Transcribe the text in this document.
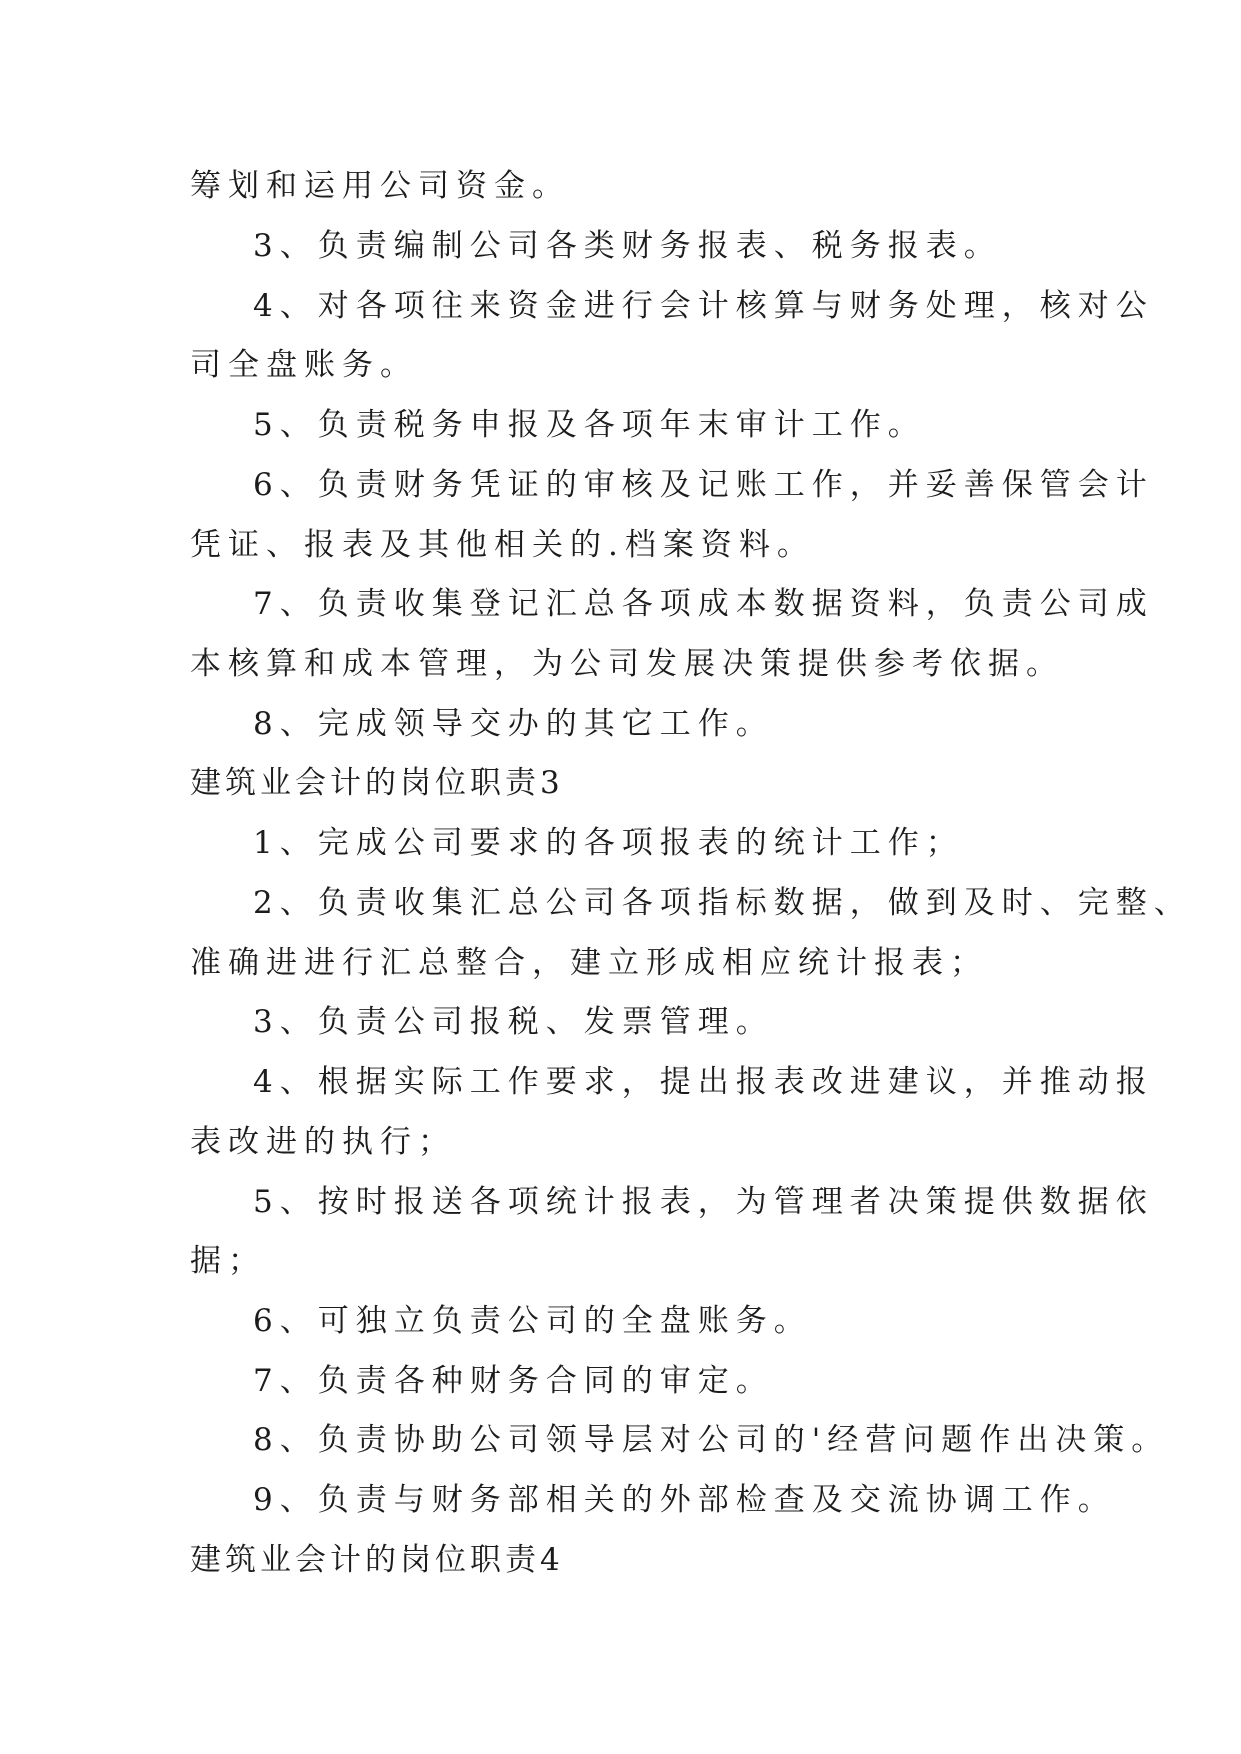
筹划和运用公司资金。
3、负责编制公司各类财务报表、税务报表。
4、对各项往来资金进行会计核算与财务处理，核对公
司全盘账务。
5、负责税务申报及各项年末审计工作。
6、负责财务凭证的审核及记账工作，并妥善保管会计
凭证、报表及其他相关的.档案资料。
7、负责收集登记汇总各项成本数据资料，负责公司成
本核算和成本管理，为公司发展决策提供参考依据。
8、完成领导交办的其它工作。
建筑业会计的岗位职责3
1、完成公司要求的各项报表的统计工作；
2、负责收集汇总公司各项指标数据，做到及时、完整、
准确进进行汇总整合，建立形成相应统计报表；
3、负责公司报税、发票管理。
4、根据实际工作要求，提出报表改进建议，并推动报
表改进的执行；
5、按时报送各项统计报表，为管理者决策提供数据依
据；
6、可独立负责公司的全盘账务。
7、负责各种财务合同的审定。
8、负责协助公司领导层对公司的'经营问题作出决策。
9、负责与财务部相关的外部检查及交流协调工作。
建筑业会计的岗位职责4
